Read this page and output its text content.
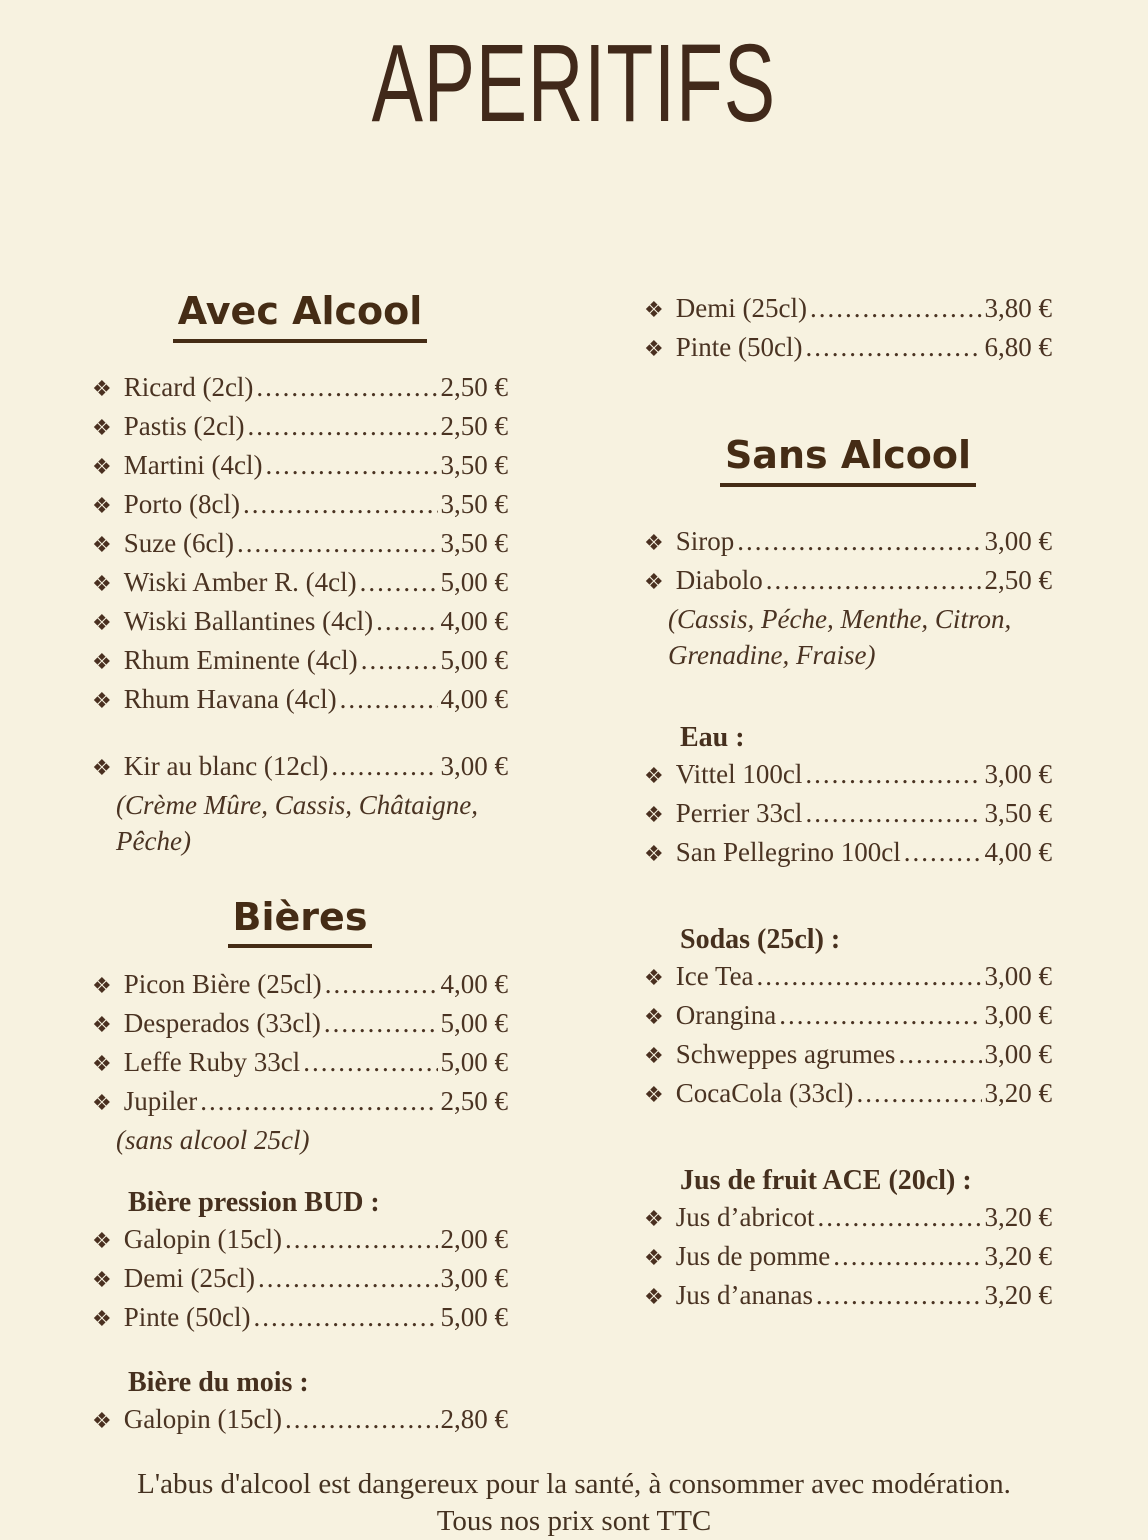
APERITIFS
Avec Alcool
❖ Ricard (2cl) .....	2,50 €
❖ Pastis (2cl) .....	2,50 €
❖ Martini (4cl) .....	3,50 €
❖ Porto (8cl) .....	3,50 €
❖ Suze (6cl) .....	3,50 €
❖ Wiski Amber R. (4cl) .....	5,00 €
❖ Wiski Ballantines (4cl) ..... 4,00 €
❖ Rhum Eminente (4cl) .....	5,00 €
❖ Rhum Havana (4cl) .....	4,00 €
❖ Kir au blanc (12cl) .....	3,00 €
(Crème Mûre, Cassis, Châtaigne, Pêche)
Bières
❖ Picon Bière (25cl) .....	4,00 €
❖ Desperados (33cl) .....	5,00 €
❖ Leffe Ruby 33cl .....	5,00 €
❖ Jupiler .....	2,50 €
(sans alcool 25cl)
Bière pression BUD :
❖ Galopin (15cl) .....	2,00 €
❖ Demi (25cl) .....	3,00 €
❖ Pinte (50cl) .....	5,00 €
Bière du mois :
❖ Galopin (15cl) .....	2,80 €
❖ Demi (25cl) .....	3,80 €
❖ Pinte (50cl) .....	6,80 €
Sans Alcool
❖ Sirop .....	3,00 €
❖ Diabolo .....	2,50 €
(Cassis, Péche, Menthe, Citron, Grenadine, Fraise)
Eau :
❖ Vittel 100cl .....	3,00 €
❖ Perrier 33cl .....	3,50 €
❖ San Pellegrino 100cl .....	4,00 €
Sodas (25cl) :
❖ Ice Tea .....	3,00 €
❖ Orangina .....	3,00 €
❖ Schweppes agrumes .....	3,00 €
❖ CocaCola (33cl) .....	3,20 €
Jus de fruit ACE (20cl) :
❖ Jus d’abricot .....	3,20 €
❖ Jus de pomme .....	3,20 €
❖ Jus d’ananas .....	3,20 €
L'abus d'alcool est dangereux pour la santé, à consommer avec modération.
Tous nos prix sont TTC
